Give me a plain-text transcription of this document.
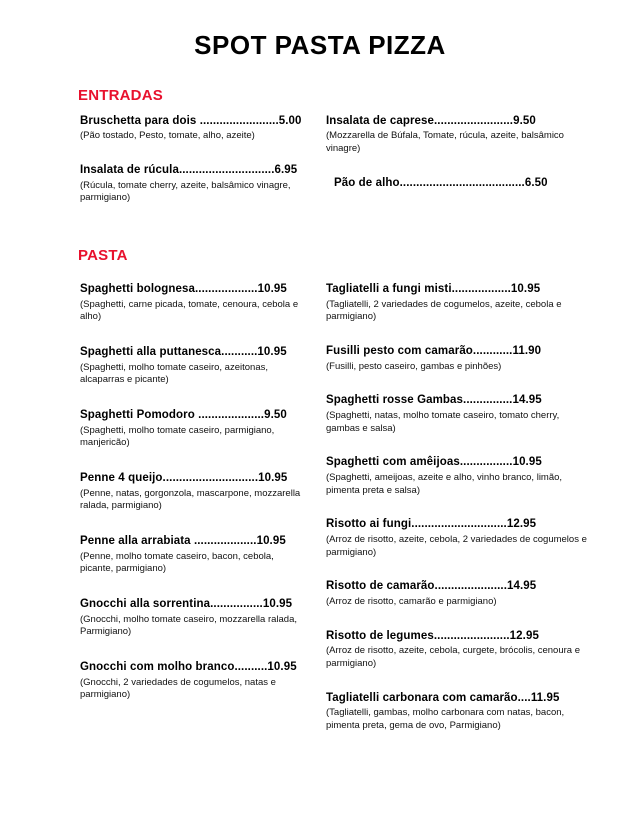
SPOT PASTA PIZZA
ENTRADAS
Bruschetta para dois ........................5.00
(Pão tostado, Pesto, tomate, alho, azeite)
Insalata de rúcula.............................6.95
(Rúcula, tomate cherry, azeite, balsâmico vinagre, parmigiano)
Insalata de caprese........................9.50
(Mozzarella de Búfala, Tomate, rúcula, azeite, balsâmico vinagre)
Pão de alho......................................6.50
PASTA
Spaghetti bolognesa...................10.95
(Spaghetti, carne picada, tomate, cenoura, cebola e alho)
Spaghetti alla puttanesca...........10.95
(Spaghetti, molho tomate caseiro, azeitonas, alcaparras e picante)
Spaghetti Pomodoro ....................9.50
(Spaghetti, molho tomate caseiro, parmigiano, manjericão)
Penne 4 queijo.............................10.95
(Penne, natas, gorgonzola, mascarpone, mozzarella ralada, parmigiano)
Penne alla arrabiata ...................10.95
(Penne, molho tomate caseiro, bacon, cebola, picante, parmigiano)
Gnocchi alla sorrentina................10.95
(Gnocchi, molho tomate caseiro, mozzarella ralada, Parmigiano)
Gnocchi com molho branco..........10.95
(Gnocchi, 2 variedades de cogumelos, natas e parmigiano)
Tagliatelli a fungi misti..................10.95
(Tagliatelli, 2 variedades de cogumelos, azeite, cebola e parmigiano)
Fusilli pesto com camarão............11.90
(Fusilli, pesto caseiro, gambas e pinhões)
Spaghetti rosse Gambas...............14.95
(Spaghetti, natas, molho tomate caseiro, tomato cherry, gambas e salsa)
Spaghetti com amêijoas................10.95
(Spaghetti, ameijoas, azeite e alho, vinho branco, limão, pimenta preta e salsa)
Risotto ai fungi.............................12.95
(Arroz de risotto, azeite, cebola, 2 variedades de cogumelos e parmigiano)
Risotto de camarão......................14.95
(Arroz de risotto, camarão e parmigiano)
Risotto de legumes.......................12.95
(Arroz de risotto, azeite, cebola, curgete, brócolis, cenoura e parmigiano)
Tagliatelli carbonara com camarão....11.95
(Tagliatelli, gambas, molho carbonara com natas, bacon, pimenta preta, gema de ovo, Parmigiano)
